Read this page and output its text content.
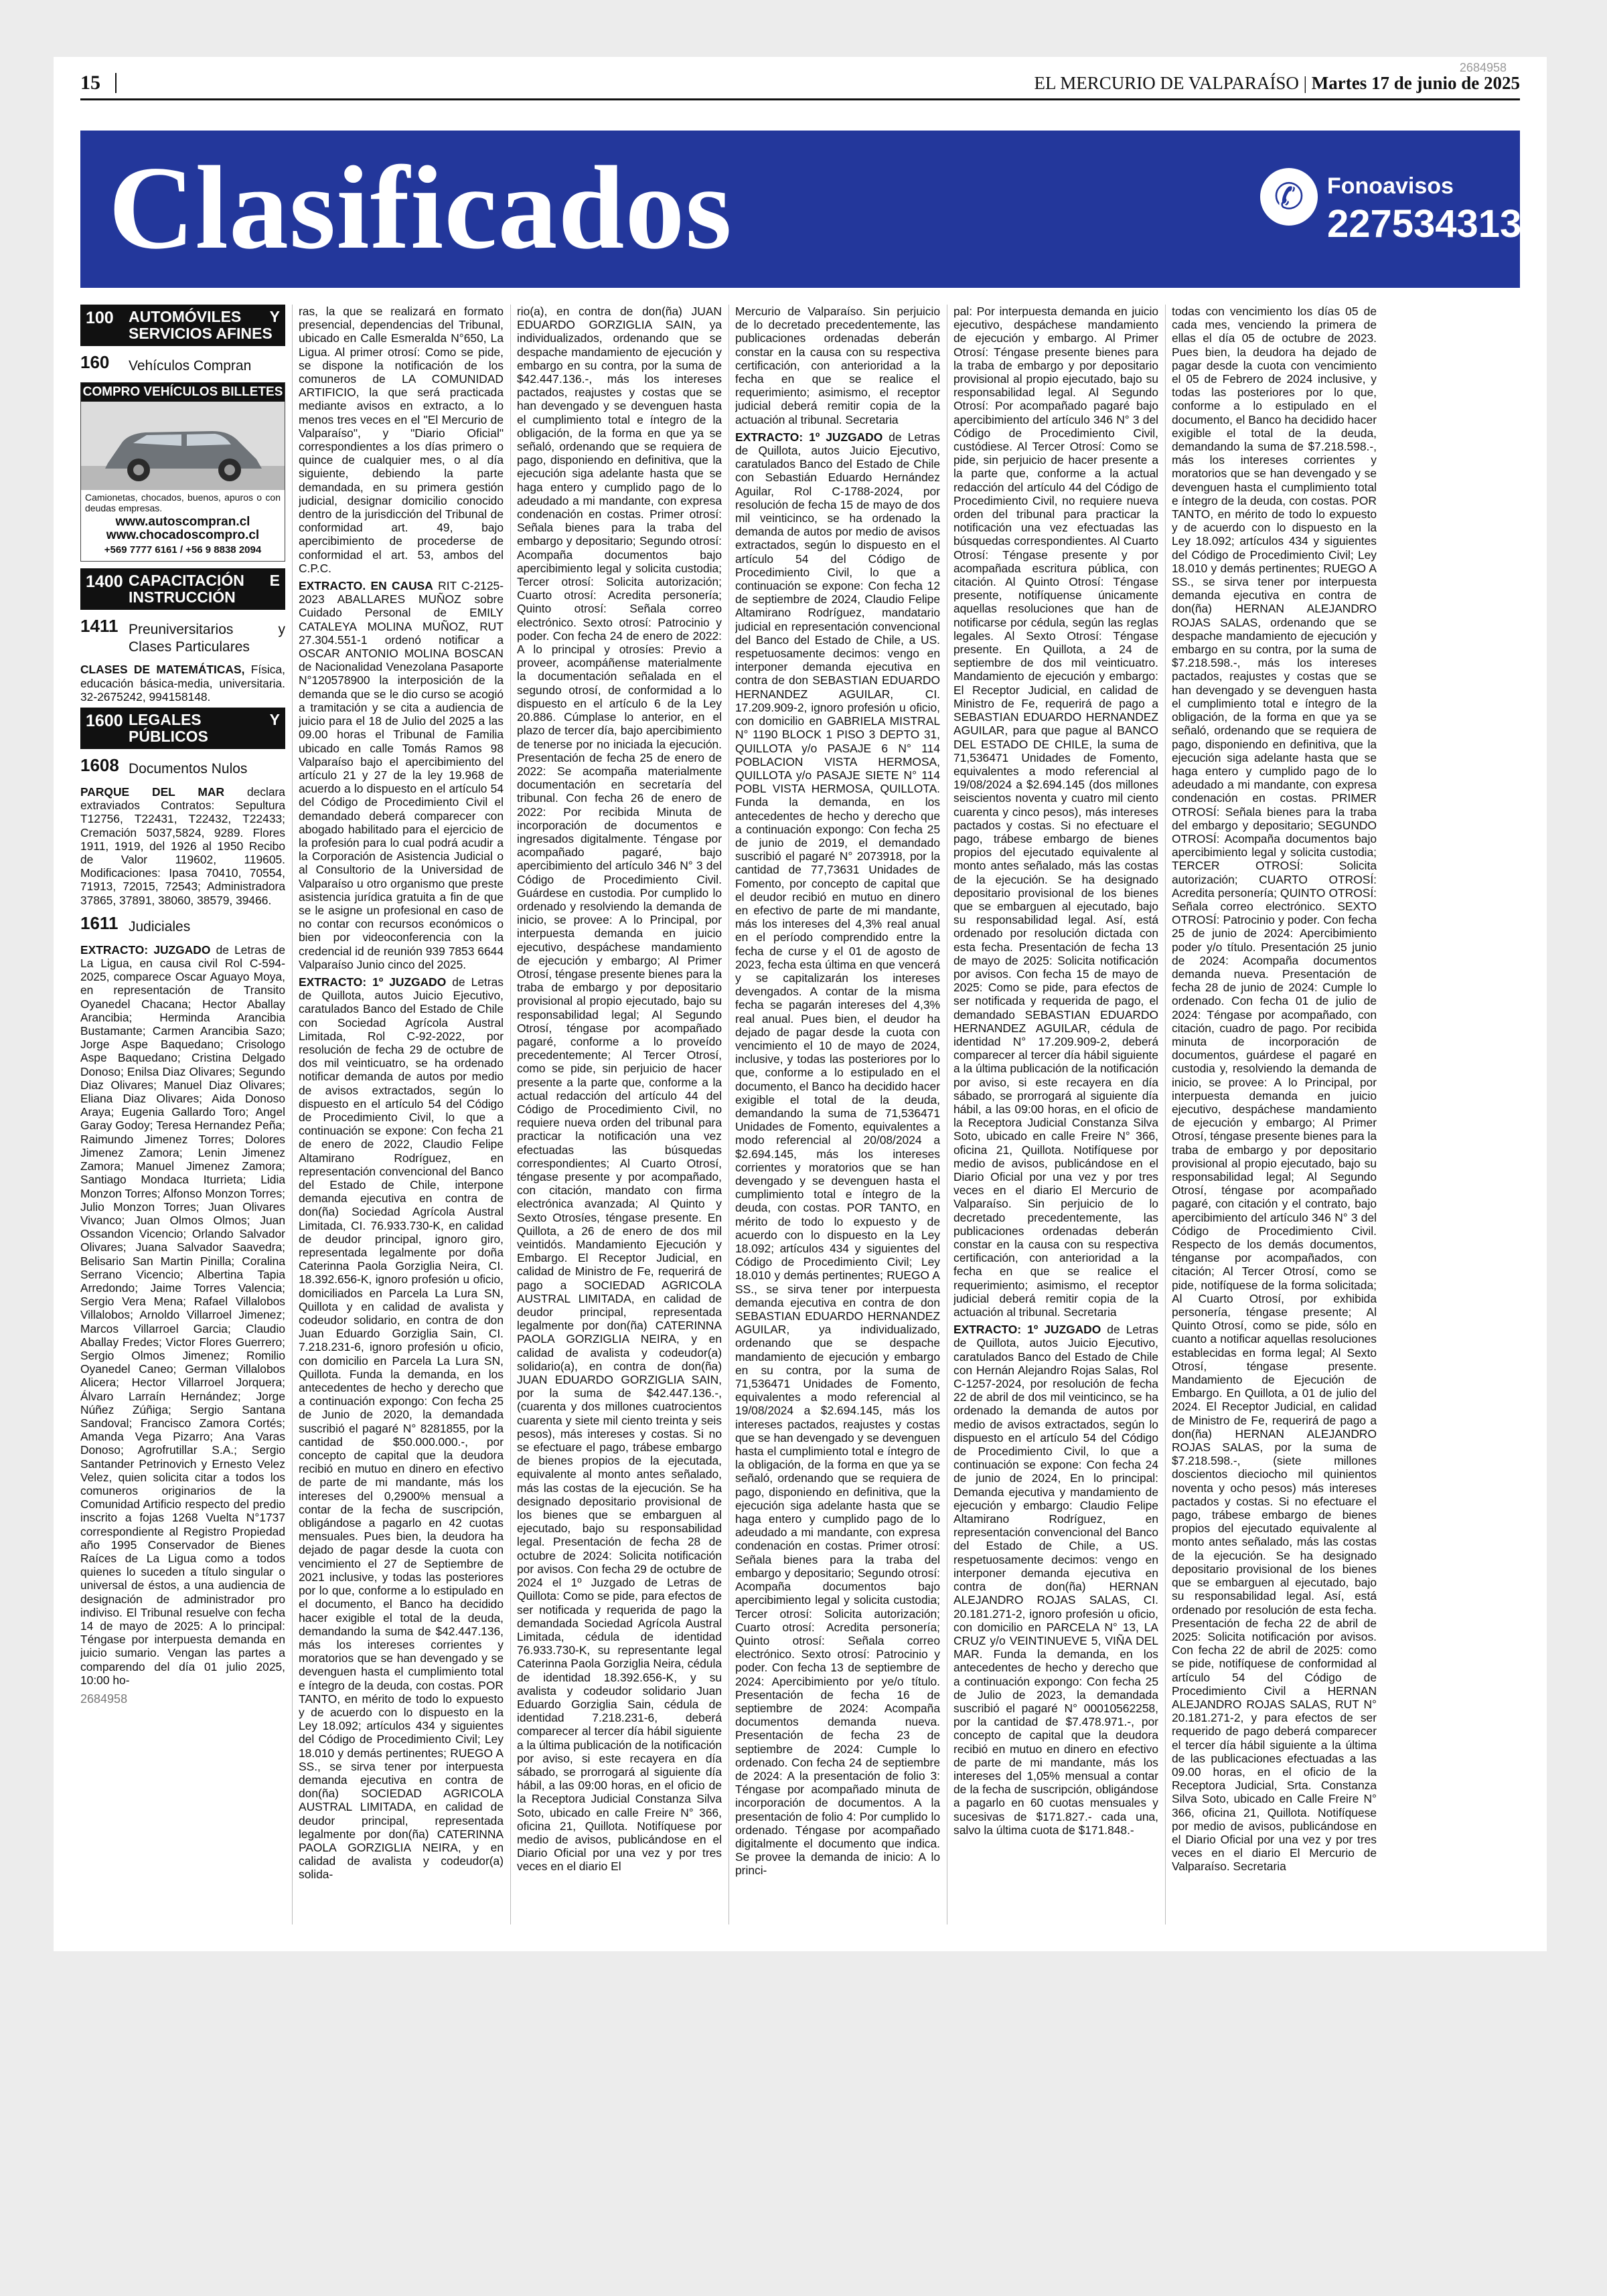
2684958
15	EL MERCURIO DE VALPARAÍSO | Martes 17 de junio de 2025
Clasificados	✆	Fonoavisos
227534313
100 AUTOMÓVILES Y SERVICIOS AFINES
160 Vehículos Compran
COMPRO VEHÍCULOS BILLETES
Camionetas, chocados, buenos, apuros o con deudas empresas.
www.autoscompran.cl
www.chocadoscompro.cl
+569 7777 6161 / +56 9 8838 2094
1400 CAPACITACIÓN E INSTRUCCIÓN
1411 Preuniversitarios y Clases Particulares

CLASES DE MATEMÁTICAS, Física, educación básica-media, universitaria. 32-2675242, 994158148.

1600 LEGALES Y PÚBLICOS
1608 Documentos Nulos

PARQUE DEL MAR declara extraviados Contratos: Sepultura T12756, T22431, T22432, T22433; Cremación 5037,5824, 9289. Flores 1911, 1919, del 1926 al 1950 Recibo de Valor 119602, 119605. Modificaciones: Ipasa 70410, 70554, 71913, 72015, 72543; Administradora 37865, 37891, 38060, 38579, 39466.

1611 Judiciales

EXTRACTO: JUZGADO de Letras de La Ligua, en causa civil Rol C-594-2025, comparece Oscar Aguayo Moya, en representación de Transito Oyanedel Chacana; Hector Aballay Arancibia; Herminda Arancibia Bustamante; Carmen Arancibia Sazo; Jorge Aspe Baquedano; Crisologo Aspe Baquedano; Cristina Delgado Donoso; Enilsa Diaz Olivares; Segundo Diaz Olivares; Manuel Diaz Olivares; Eliana Diaz Olivares; Aida Donoso Araya; Eugenia Gallardo Toro; Angel Garay Godoy; Teresa Hernandez Peña; Raimundo Jimenez Torres; Dolores Jimenez Zamora; Lenin Jimenez Zamora; Manuel Jimenez Zamora; Santiago Mondaca Iturrieta; Lidia Monzon Torres; Alfonso Monzon Torres; Julio Monzon Torres; Juan Olivares Vivanco; Juan Olmos Olmos; Juan Ossandon Vicencio; Orlando Salvador Olivares; Juana Salvador Saavedra; Belisario San Martin Pinilla; Coralina Serrano Vicencio; Albertina Tapia Arredondo; Jaime Torres Valencia; Sergio Vera Mena; Rafael Villalobos Villalobos; Arnoldo Villarroel Jimenez; Marcos Villarroel Garcia; Claudio Aballay Fredes; Victor Flores Guerrero; Sergio Olmos Jimenez; Romilio Oyanedel Caneo; German Villalobos Alicera; Hector Villarroel Jorquera; Álvaro Larraín Hernández; Jorge Núñez Zúñiga; Sergio Santana Sandoval; Francisco Zamora Cortés; Amanda Vega Pizarro; Ana Varas Donoso; Agrofrutillar S.A.; Sergio Santander Petrinovich y Ernesto Velez Velez, quien solicita citar a todos los comuneros originarios de la Comunidad Artificio respecto del predio inscrito a fojas 1268 Vuelta N°1737 correspondiente al Registro Propiedad año 1995 Conservador de Bienes Raíces de La Ligua como a todos quienes lo suceden a título singular o universal de éstos, a una audiencia de designación de administrador pro indiviso. El Tribunal resuelve con fecha 14 de mayo de 2025: A lo principal: Téngase por interpuesta demanda en juicio sumario. Vengan las partes a comparendo del día 01 julio 2025, 10:00 ho-

2684958

ras, la que se realizará en formato presencial, dependencias del Tribunal, ubicado en Calle Esmeralda N°650, La Ligua. Al primer otrosí: Como se pide, se dispone la notificación de los comuneros de LA COMUNIDAD ARTIFICIO, la que será practicada mediante avisos en extracto, a lo menos tres veces en el "El Mercurio de Valparaíso", y "Diario Oficial" correspondientes a los días primero o quince de cualquier mes, o al día siguiente, debiendo la parte demandada, en su primera gestión judicial, designar domicilio conocido dentro de la jurisdicción del Tribunal de conformidad art. 49, bajo apercibimiento de procederse de conformidad el art. 53, ambos del C.P.C.

EXTRACTO. EN CAUSA RIT C-2125-2023 ABALLARES MUÑOZ sobre Cuidado Personal de EMILY CATALEYA MOLINA MUÑOZ, RUT 27.304.551-1 ordenó notificar a OSCAR ANTONIO MOLINA BOSCAN de Nacionalidad Venezolana Pasaporte N°120578900 la interposición de la demanda que se le dio curso se acogió a tramitación y se cita a audiencia de juicio para el 18 de Julio del 2025 a las 09.00 horas el Tribunal de Familia ubicado en calle Tomás Ramos 98 Valparaíso bajo el apercibimiento del artículo 21 y 27 de la ley 19.968 de acuerdo a lo dispuesto en el artículo 54 del Código de Procedimiento Civil el demandado deberá comparecer con abogado habilitado para el ejercicio de la profesión para lo cual podrá acudir a la Corporación de Asistencia Judicial o al Consultorio de la Universidad de Valparaíso u otro organismo que preste asistencia jurídica gratuita a fin de que se le asigne un profesional en caso de no contar con recursos económicos o bien por videoconferencia con la credencial id de reunión 939 7853 6644 Valparaíso Junio cinco del 2025.

EXTRACTO: 1º JUZGADO de Letras de Quillota, autos Juicio Ejecutivo, caratulados Banco del Estado de Chile con Sociedad Agrícola Austral Limitada, Rol C-92-2022, por resolución de fecha 29 de octubre de dos mil veinticuatro, se ha ordenado notificar demanda de autos por medio de avisos extractados, según lo dispuesto en el artículo 54 del Código de Procedimiento Civil, lo que a continuación se expone: Con fecha 21 de enero de 2022, Claudio Felipe Altamirano Rodríguez, en representación convencional del Banco del Estado de Chile, interpone demanda ejecutiva en contra de don(ña) Sociedad Agrícola Austral Limitada, CI. 76.933.730-K, en calidad de deudor principal, ignoro giro, representada legalmente por doña Caterinna Paola Gorziglia Neira, CI. 18.392.656-K, ignoro profesión u oficio, domiciliados en Parcela La Lura SN, Quillota y en calidad de avalista y codeudor solidario, en contra de don Juan Eduardo Gorziglia Sain, CI. 7.218.231-6, ignoro profesión u oficio, con domicilio en Parcela La Lura SN, Quillota. Funda la demanda, en los antecedentes de hecho y derecho que a continuación expongo: Con fecha 25 de Junio de 2020, la demandada suscribió el pagaré N° 8281855, por la cantidad de $50.000.000.-, por concepto de capital que la deudora recibió en mutuo en dinero en efectivo de parte de mi mandante, más los intereses del 0,2900% mensual a contar de la fecha de suscripción, obligándose a pagarlo en 42 cuotas mensuales. Pues bien, la deudora ha dejado de pagar desde la cuota con vencimiento el 27 de Septiembre de 2021 inclusive, y todas las posteriores por lo que, conforme a lo estipulado en el documento, el Banco ha decidido hacer exigible el total de la deuda, demandando la suma de $42.447.136, más los intereses corrientes y moratorios que se han devengado y se devenguen hasta el cumplimiento total e íntegro de la deuda, con costas. POR TANTO, en mérito de todo lo expuesto y de acuerdo con lo dispuesto en la Ley 18.092; artículos 434 y siguientes del Código de Procedimiento Civil; Ley 18.010 y demás pertinentes; RUEGO A SS., se sirva tener por interpuesta demanda ejecutiva en contra de don(ña) SOCIEDAD AGRICOLA AUSTRAL LIMITADA, en calidad de deudor principal, representada legalmente por don(ña) CATERINNA PAOLA GORZIGLIA NEIRA, y en calidad de avalista y codeudor(a) solida-

rio(a), en contra de don(ña) JUAN EDUARDO GORZIGLIA SAIN, ya individualizados, ordenando que se despache mandamiento de ejecución y embargo en su contra, por la suma de $42.447.136.-, más los intereses pactados, reajustes y costas que se han devengado y se devenguen hasta el cumplimiento total e íntegro de la obligación, de la forma en que ya se señaló, ordenando que se requiera de pago, disponiendo en definitiva, que la ejecución siga adelante hasta que se haga entero y cumplido pago de lo adeudado a mi mandante, con expresa condenación en costas. Primer otrosí: Señala bienes para la traba del embargo y depositario; Segundo otrosí: Acompaña documentos bajo apercibimiento legal y solicita custodia; Tercer otrosí: Solicita autorización; Cuarto otrosí: Acredita personería; Quinto otrosí: Señala correo electrónico. Sexto otrosí: Patrocinio y poder. Con fecha 24 de enero de 2022: A lo principal y otrosíes: Previo a proveer, acompáñense materialmente la documentación señalada en el segundo otrosí, de conformidad a lo dispuesto en el artículo 6 de la Ley 20.886. Cúmplase lo anterior, en el plazo de tercer día, bajo apercibimiento de tenerse por no iniciada la ejecución. Presentación de fecha 25 de enero de 2022: Se acompaña materialmente documentación en secretaría del tribunal. Con fecha 26 de enero de 2022: Por recibida Minuta de incorporación de documentos e ingresados digitalmente. Téngase por acompañado pagaré, bajo apercibimiento del artículo 346 N° 3 del Código de Procedimiento Civil. Guárdese en custodia. Por cumplido lo ordenado y resolviendo la demanda de inicio, se provee: A lo Principal, por interpuesta demanda en juicio ejecutivo, despáchese mandamiento de ejecución y embargo; Al Primer Otrosí, téngase presente bienes para la traba de embargo y por depositario provisional al propio ejecutado, bajo su responsabilidad legal; Al Segundo Otrosí, téngase por acompañado pagaré, conforme a lo proveído precedentemente; Al Tercer Otrosí, como se pide, sin perjuicio de hacer presente a la parte que, conforme a la actual redacción del artículo 44 del Código de Procedimiento Civil, no requiere nueva orden del tribunal para practicar la notificación una vez efectuadas las búsquedas correspondientes; Al Cuarto Otrosí, téngase presente y por acompañado, con citación, mandato con firma electrónica avanzada; Al Quinto y Sexto Otrosíes, téngase presente. En Quillota, a 26 de enero de dos mil veintidós. Mandamiento Ejecución y Embargo. El Receptor Judicial, en calidad de Ministro de Fe, requerirá de pago a SOCIEDAD AGRICOLA AUSTRAL LIMITADA, en calidad de deudor principal, representada legalmente por don(ña) CATERINNA PAOLA GORZIGLIA NEIRA, y en calidad de avalista y codeudor(a) solidario(a), en contra de don(ña) JUAN EDUARDO GORZIGLIA SAIN, por la suma de $42.447.136.-, (cuarenta y dos millones cuatrocientos cuarenta y siete mil ciento treinta y seis pesos), más intereses y costas. Si no se efectuare el pago, trábese embargo de bienes propios de la ejecutada, equivalente al monto antes señalado, más las costas de la ejecución. Se ha designado depositario provisional de los bienes que se embarguen al ejecutado, bajo su responsabilidad legal. Presentación de fecha 28 de octubre de 2024: Solicita notificación por avisos. Con fecha 29 de octubre de 2024 el 1º Juzgado de Letras de Quillota: Como se pide, para efectos de ser notificada y requerida de pago la demandada Sociedad Agrícola Austral Limitada, cédula de identidad 76.933.730-K, su representante legal Caterinna Paola Gorziglia Neira, cédula de identidad 18.392.656-K, y su avalista y codeudor solidario Juan Eduardo Gorziglia Sain, cédula de identidad 7.218.231-6, deberá comparecer al tercer día hábil siguiente a la última publicación de la notificación por aviso, si este recayera en día sábado, se prorrogará al siguiente día hábil, a las 09:00 horas, en el oficio de la Receptora Judicial Constanza Silva Soto, ubicado en calle Freire N° 366, oficina 21, Quillota. Notifíquese por medio de avisos, publicándose en el Diario Oficial por una vez y por tres veces en el diario El

Mercurio de Valparaíso. Sin perjuicio de lo decretado precedentemente, las publicaciones ordenadas deberán constar en la causa con su respectiva certificación, con anterioridad a la fecha en que se realice el requerimiento; asimismo, el receptor judicial deberá remitir copia de la actuación al tribunal. Secretaria

EXTRACTO: 1º JUZGADO de Letras de Quillota, autos Juicio Ejecutivo, caratulados Banco del Estado de Chile con Sebastián Eduardo Hernández Aguilar, Rol C-1788-2024, por resolución de fecha 15 de mayo de dos mil veinticinco, se ha ordenado la demanda de autos por medio de avisos extractados, según lo dispuesto en el artículo 54 del Código de Procedimiento Civil, lo que a continuación se expone: Con fecha 12 de septiembre de 2024, Claudio Felipe Altamirano Rodríguez, mandatario judicial en representación convencional del Banco del Estado de Chile, a US. respetuosamente decimos: vengo en interponer demanda ejecutiva en contra de don SEBASTIAN EDUARDO HERNANDEZ AGUILAR, CI. 17.209.909-2, ignoro profesión u oficio, con domicilio en GABRIELA MISTRAL N° 1190 BLOCK 1 PISO 3 DEPTO 31, QUILLOTA y/o PASAJE 6 N° 114 POBLACION VISTA HERMOSA, QUILLOTA y/o PASAJE SIETE N° 114 POBL VISTA HERMOSA, QUILLOTA. Funda la demanda, en los antecedentes de hecho y derecho que a continuación expongo: Con fecha 25 de junio de 2019, el demandado suscribió el pagaré N° 2073918, por la cantidad de 77,73631 Unidades de Fomento, por concepto de capital que el deudor recibió en mutuo en dinero en efectivo de parte de mi mandante, más los intereses del 4,3% real anual en el período comprendido entre la fecha de curse y el 01 de agosto de 2023, fecha esta última en que vencerá y se capitalizarán los intereses devengados. A contar de la misma fecha se pagarán intereses del 4,3% real anual. Pues bien, el deudor ha dejado de pagar desde la cuota con vencimiento el 10 de mayo de 2024, inclusive, y todas las posteriores por lo que, conforme a lo estipulado en el documento, el Banco ha decidido hacer exigible el total de la deuda, demandando la suma de 71,536471 Unidades de Fomento, equivalentes a modo referencial al 20/08/2024 a $2.694.145, más los intereses corrientes y moratorios que se han devengado y se devenguen hasta el cumplimiento total e íntegro de la deuda, con costas. POR TANTO, en mérito de todo lo expuesto y de acuerdo con lo dispuesto en la Ley 18.092; artículos 434 y siguientes del Código de Procedimiento Civil; Ley 18.010 y demás pertinentes; RUEGO A SS., se sirva tener por interpuesta demanda ejecutiva en contra de don SEBASTIAN EDUARDO HERNANDEZ AGUILAR, ya individualizado, ordenando que se despache mandamiento de ejecución y embargo en su contra, por la suma de 71,536471 Unidades de Fomento, equivalentes a modo referencial al 19/08/2024 a $2.694.145, más los intereses pactados, reajustes y costas que se han devengado y se devenguen hasta el cumplimiento total e íntegro de la obligación, de la forma en que ya se señaló, ordenando que se requiera de pago, disponiendo en definitiva, que la ejecución siga adelante hasta que se haga entero y cumplido pago de lo adeudado a mi mandante, con expresa condenación en costas. Primer otrosí: Señala bienes para la traba del embargo y depositario; Segundo otrosí: Acompaña documentos bajo apercibimiento legal y solicita custodia; Tercer otrosí: Solicita autorización; Cuarto otrosí: Acredita personería; Quinto otrosí: Señala correo electrónico. Sexto otrosí: Patrocinio y poder. Con fecha 13 de septiembre de 2024: Apercibimiento por ye/o título. Presentación de fecha 16 de septiembre de 2024: Acompaña documentos demanda nueva. Presentación de fecha 23 de septiembre de 2024: Cumple lo ordenado. Con fecha 24 de septiembre de 2024: A la presentación de folio 3: Téngase por acompañado minuta de incorporación de documentos. A la presentación de folio 4: Por cumplido lo ordenado. Téngase por acompañado digitalmente el documento que indica. Se provee la demanda de inicio: A lo princi-

pal: Por interpuesta demanda en juicio ejecutivo, despáchese mandamiento de ejecución y embargo. Al Primer Otrosí: Téngase presente bienes para la traba de embargo y por depositario provisional al propio ejecutado, bajo su responsabilidad legal. Al Segundo Otrosí: Por acompañado pagaré bajo apercibimiento del artículo 346 N° 3 del Código de Procedimiento Civil, custódiese. Al Tercer Otrosí: Como se pide, sin perjuicio de hacer presente a la parte que, conforme a la actual redacción del artículo 44 del Código de Procedimiento Civil, no requiere nueva orden del tribunal para practicar la notificación una vez efectuadas las búsquedas correspondientes. Al Cuarto Otrosí: Téngase presente y por acompañada escritura pública, con citación. Al Quinto Otrosí: Téngase presente, notifíquense únicamente aquellas resoluciones que han de notificarse por cédula, según las reglas legales. Al Sexto Otrosí: Téngase presente. En Quillota, a 24 de septiembre de dos mil veinticuatro. Mandamiento de ejecución y embargo: El Receptor Judicial, en calidad de Ministro de Fe, requerirá de pago a SEBASTIAN EDUARDO HERNANDEZ AGUILAR, para que pague al BANCO DEL ESTADO DE CHILE, la suma de 71,536471 Unidades de Fomento, equivalentes a modo referencial al 19/08/2024 a $2.694.145 (dos millones seiscientos noventa y cuatro mil ciento cuarenta y cinco pesos), más intereses pactados y costas. Si no efectuare el pago, trábese embargo de bienes propios del ejecutado equivalente al monto antes señalado, más las costas de la ejecución. Se ha designado depositario provisional de los bienes que se embarguen al ejecutado, bajo su responsabilidad legal. Así, está ordenado por resolución dictada con esta fecha. Presentación de fecha 13 de mayo de 2025: Solicita notificación por avisos. Con fecha 15 de mayo de 2025: Como se pide, para efectos de ser notificada y requerida de pago, el demandado SEBASTIAN EDUARDO HERNANDEZ AGUILAR, cédula de identidad N° 17.209.909-2, deberá comparecer al tercer día hábil siguiente a la última publicación de la notificación por aviso, si este recayera en día sábado, se prorrogará al siguiente día hábil, a las 09:00 horas, en el oficio de la Receptora Judicial Constanza Silva Soto, ubicado en calle Freire N° 366, oficina 21, Quillota. Notifíquese por medio de avisos, publicándose en el Diario Oficial por una vez y por tres veces en el diario El Mercurio de Valparaíso. Sin perjuicio de lo decretado precedentemente, las publicaciones ordenadas deberán constar en la causa con su respectiva certificación, con anterioridad a la fecha en que se realice el requerimiento; asimismo, el receptor judicial deberá remitir copia de la actuación al tribunal. Secretaria

EXTRACTO: 1º JUZGADO de Letras de Quillota, autos Juicio Ejecutivo, caratulados Banco del Estado de Chile con Hernán Alejandro Rojas Salas, Rol C-1257-2024, por resolución de fecha 22 de abril de dos mil veinticinco, se ha ordenado la demanda de autos por medio de avisos extractados, según lo dispuesto en el artículo 54 del Código de Procedimiento Civil, lo que a continuación se expone: Con fecha 24 de junio de 2024, En lo principal: Demanda ejecutiva y mandamiento de ejecución y embargo: Claudio Felipe Altamirano Rodríguez, en representación convencional del Banco del Estado de Chile, a US. respetuosamente decimos: vengo en interponer demanda ejecutiva en contra de don(ña) HERNAN ALEJANDRO ROJAS SALAS, CI. 20.181.271-2, ignoro profesión u oficio, con domicilio en PARCELA N° 13, LA CRUZ y/o VEINTINUEVE 5, VIÑA DEL MAR. Funda la demanda, en los antecedentes de hecho y derecho que a continuación expongo: Con fecha 25 de Julio de 2023, la demandada suscribió el pagaré N° 00010562258, por la cantidad de $7.478.971.-, por concepto de capital que la deudora recibió en mutuo en dinero en efectivo de parte de mi mandante, más los intereses del 1,05% mensual a contar de la fecha de suscripción, obligándose a pagarlo en 60 cuotas mensuales y sucesivas de $171.827.- cada una, salvo la última cuota de $171.848.-

todas con vencimiento los días 05 de cada mes, venciendo la primera de ellas el día 05 de octubre de 2023. Pues bien, la deudora ha dejado de pagar desde la cuota con vencimiento el 05 de Febrero de 2024 inclusive, y todas las posteriores por lo que, conforme a lo estipulado en el documento, el Banco ha decidido hacer exigible el total de la deuda, demandando la suma de $7.218.598.-, más los intereses corrientes y moratorios que se han devengado y se devenguen hasta el cumplimiento total e íntegro de la deuda, con costas. POR TANTO, en mérito de todo lo expuesto y de acuerdo con lo dispuesto en la Ley 18.092; artículos 434 y siguientes del Código de Procedimiento Civil; Ley 18.010 y demás pertinentes; RUEGO A SS., se sirva tener por interpuesta demanda ejecutiva en contra de don(ña) HERNAN ALEJANDRO ROJAS SALAS, ordenando que se despache mandamiento de ejecución y embargo en su contra, por la suma de $7.218.598.-, más los intereses pactados, reajustes y costas que se han devengado y se devenguen hasta el cumplimiento total e íntegro de la obligación, de la forma en que ya se señaló, ordenando que se requiera de pago, disponiendo en definitiva, que la ejecución siga adelante hasta que se haga entero y cumplido pago de lo adeudado a mi mandante, con expresa condenación en costas. PRIMER OTROSÍ: Señala bienes para la traba del embargo y depositario; SEGUNDO OTROSÍ: Acompaña documentos bajo apercibimiento legal y solicita custodia; TERCER OTROSÍ: Solicita autorización; CUARTO OTROSÍ: Acredita personería; QUINTO OTROSÍ: Señala correo electrónico. SEXTO OTROSÍ: Patrocinio y poder. Con fecha 25 de junio de 2024: Apercibimiento poder y/o título. Presentación 25 junio de 2024: Acompaña documentos demanda nueva. Presentación de fecha 28 de junio de 2024: Cumple lo ordenado. Con fecha 01 de julio de 2024: Téngase por acompañado, con citación, cuadro de pago. Por recibida minuta de incorporación de documentos, guárdese el pagaré en custodia y, resolviendo la demanda de inicio, se provee: A lo Principal, por interpuesta demanda en juicio ejecutivo, despáchese mandamiento de ejecución y embargo; Al Primer Otrosí, téngase presente bienes para la traba de embargo y por depositario provisional al propio ejecutado, bajo su responsabilidad legal; Al Segundo Otrosí, téngase por acompañado pagaré, con citación y el contrato, bajo apercibimiento del artículo 346 N° 3 del Código de Procedimiento Civil. Respecto de los demás documentos, ténganse por acompañados, con citación; Al Tercer Otrosí, como se pide, notifíquese de la forma solicitada; Al Cuarto Otrosí, por exhibida personería, téngase presente; Al Quinto Otrosí, como se pide, sólo en cuanto a notificar aquellas resoluciones establecidas en forma legal; Al Sexto Otrosí, téngase presente. Mandamiento de Ejecución de Embargo. En Quillota, a 01 de julio del 2024. El Receptor Judicial, en calidad de Ministro de Fe, requerirá de pago a don(ña) HERNAN ALEJANDRO ROJAS SALAS, por la suma de $7.218.598.-, (siete millones doscientos dieciocho mil quinientos noventa y ocho pesos) más intereses pactados y costas. Si no efectuare el pago, trábese embargo de bienes propios del ejecutado equivalente al monto antes señalado, más las costas de la ejecución. Se ha designado depositario provisional de los bienes que se embarguen al ejecutado, bajo su responsabilidad legal. Así, está ordenado por resolución de esta fecha. Presentación de fecha 22 de abril de 2025: Solicita notificación por avisos. Con fecha 22 de abril de 2025: como se pide, notifíquese de conformidad al artículo 54 del Código de Procedimiento Civil a HERNAN ALEJANDRO ROJAS SALAS, RUT N° 20.181.271-2, y para efectos de ser requerido de pago deberá comparecer el tercer día hábil siguiente a la última de las publicaciones efectuadas a las 09.00 horas, en el oficio de la Receptora Judicial, Srta. Constanza Silva Soto, ubicado en Calle Freire N° 366, oficina 21, Quillota. Notifíquese por medio de avisos, publicándose en el Diario Oficial por una vez y por tres veces en el diario El Mercurio de Valparaíso. Secretaria
